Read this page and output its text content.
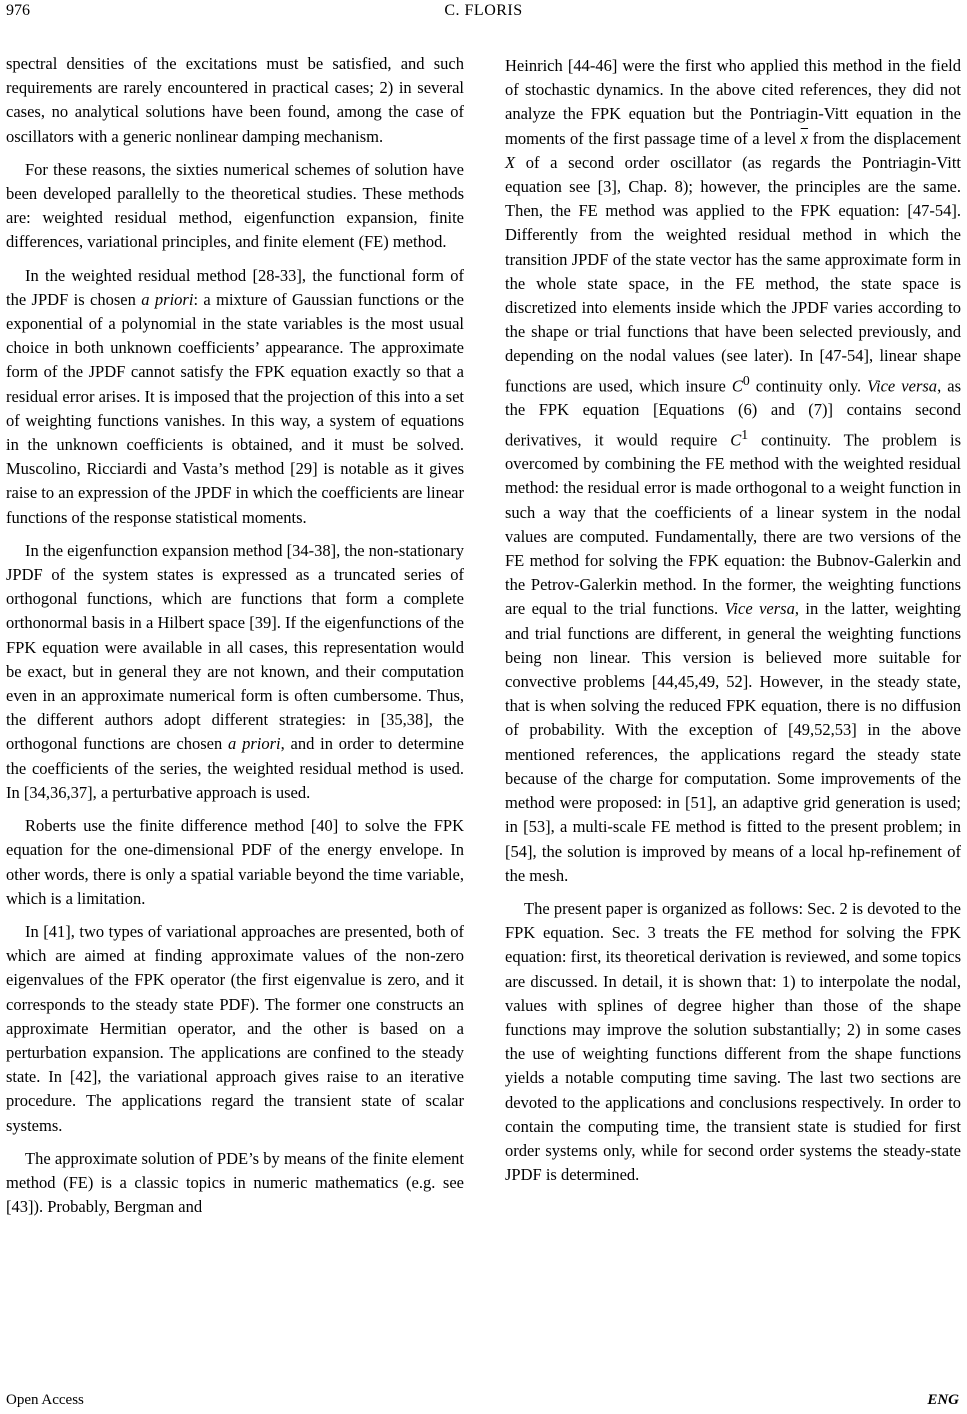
976	C. FLORIS

spectral densities of the excitations must be satisfied, and such requirements are rarely encountered in practical cases; 2) in several cases, no analytical solutions have been found, among the case of oscillators with a generic nonlinear damping mechanism.

For these reasons, the sixties numerical schemes of solution have been developed parallelly to the theoretical studies. These methods are: weighted residual method, eigenfunction expansion, finite differences, variational principles, and finite element (FE) method.

In the weighted residual method [28-33], the functional form of the JPDF is chosen a priori: a mixture of Gaussian functions or the exponential of a polynomial in the state variables is the most usual choice in both unknown coefficients’ appearance. The approximate form of the JPDF cannot satisfy the FPK equation exactly so that a residual error arises. It is imposed that the projection of this into a set of weighting functions vanishes. In this way, a system of equations in the unknown coefficients is obtained, and it must be solved. Muscolino, Ricciardi and Vasta’s method [29] is notable as it gives raise to an expression of the JPDF in which the coefficients are linear functions of the response statistical moments.

In the eigenfunction expansion method [34-38], the non-stationary JPDF of the system states is expressed as a truncated series of orthogonal functions, which are functions that form a complete orthonormal basis in a Hilbert space [39]. If the eigenfunctions of the FPK equation were available in all cases, this representation would be exact, but in general they are not known, and their computation even in an approximate numerical form is often cumbersome. Thus, the different authors adopt different strategies: in [35,38], the orthogonal functions are chosen a priori, and in order to determine the coefficients of the series, the weighted residual method is used. In [34,36,37], a perturbative approach is used.

Roberts use the finite difference method [40] to solve the FPK equation for the one-dimensional PDF of the energy envelope. In other words, there is only a spatial variable beyond the time variable, which is a limitation.

In [41], two types of variational approaches are presented, both of which are aimed at finding approximate values of the non-zero eigenvalues of the FPK operator (the first eigenvalue is zero, and it corresponds to the steady state PDF). The former one constructs an approximate Hermitian operator, and the other is based on a perturbation expansion. The applications are confined to the steady state. In [42], the variational approach gives raise to an iterative procedure. The applications regard the transient state of scalar systems.

The approximate solution of PDE’s by means of the finite element method (FE) is a classic topics in numeric mathematics (e.g. see [43]). Probably, Bergman and

Heinrich [44-46] were the first who applied this method in the field of stochastic dynamics. In the above cited references, they did not analyze the FPK equation but the Pontriagin-Vitt equation in the moments of the first passage time of a level $\overline{x}$ from the displacement X of a second order oscillator (as regards the Pontriagin-Vitt equation see [3], Chap. 8); however, the principles are the same. Then, the FE method was applied to the FPK equation: [47-54]. Differently from the weighted residual method in which the transition JPDF of the state vector has the same approximate form in the whole state space, in the FE method, the state space is discretized into elements inside which the JPDF varies according to the shape or trial functions that have been selected previously, and depending on the nodal values (see later). In [47-54], linear shape functions are used, which insure $C^0$ continuity only. Vice versa, as the FPK equation [Equations (6) and (7)] contains second derivatives, it would require $C^1$ continuity. The problem is overcomed by combining the FE method with the weighted residual method: the residual error is made orthogonal to a weight function in such a way that the coefficients of a linear system in the nodal values are computed. Fundamentally, there are two versions of the FE method for solving the FPK equation: the Bubnov-Galerkin and the Petrov-Galerkin method. In the former, the weighting functions are equal to the trial functions. Vice versa, in the latter, weighting and trial functions are different, in general the weighting functions being non linear. This version is believed more suitable for convective problems [44,45,49, 52]. However, in the steady state, that is when solving the reduced FPK equation, there is no diffusion of probability. With the exception of [49,52,53] in the above mentioned references, the applications regard the steady state because of the charge for computation. Some improvements of the method were proposed: in [51], an adaptive grid generation is used; in [53], a multi-scale FE method is fitted to the present problem; in [54], the solution is improved by means of a local hp-refinement of the mesh.

The present paper is organized as follows: Sec. 2 is devoted to the FPK equation. Sec. 3 treats the FE method for solving the FPK equation: first, its theoretical derivation is reviewed, and some topics are discussed. In detail, it is shown that: 1) to interpolate the nodal, values with splines of degree higher than those of the shape functions may improve the solution substantially; 2) in some cases the use of weighting functions different from the shape functions yields a notable computing time saving. The last two sections are devoted to the applications and conclusions respectively. In order to contain the computing time, the transient state is studied for first order systems only, while for second order systems the steady-state JPDF is determined.

Open Access	ENG
